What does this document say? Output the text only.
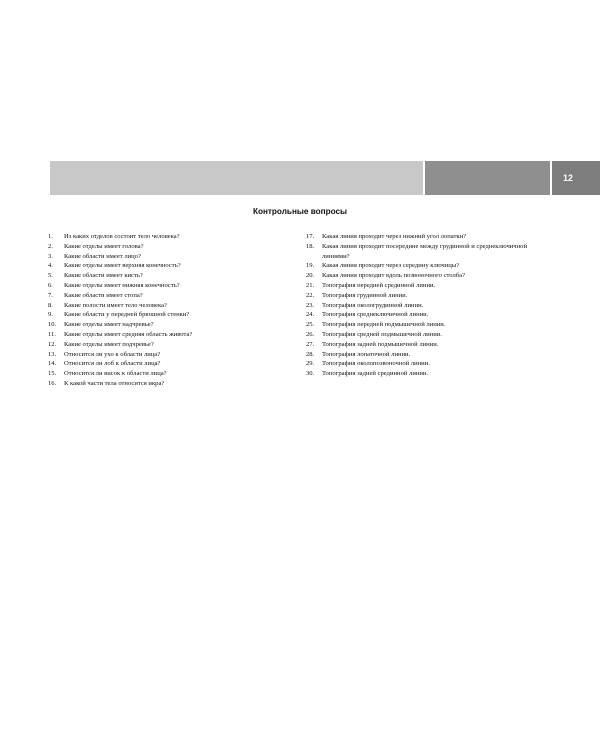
12
Контрольные вопросы
1.	Из каких отделов состоит тело человека?
2.	Какие отделы имеет голова?
3.	Какие области имеет лицо?
4.	Какие отделы имеет верхняя конечность?
5.	Какие области имеет кисть?
6.	Какие отделы имеет нижняя конечность?
7.	Какие области имеет стопа?
8.	Какие полости имеет тело человека?
9.	Какие области у передней брюшной стенки?
10.	Какие отделы имеет надчревье?
11.	Какие отделы имеет средняя область живота?
12.	Какие отделы имеет подчревье?
13.	Относится ли ухо к области лица?
14.	Относится ли лоб к области лица?
15.	Относится ли висок к области лица?
16.	К какой части тела относится икра?
17.	Какая линия проходит через нижний угол лопатки?
18.	Какая линия проходит посередине между грудинной и среднеключичной линиями?
19.	Какая линия проходит через середину ключицы?
20.	Какая линия проходит вдоль позвоночного столба?
21.	Топография передней срединной линии.
22.	Топография грудинной линии.
23.	Топография окологрудинной линии.
24.	Топография среднеключичной линии.
25.	Топография передней подмышечной линии.
26.	Топография средней подмышечной линии.
27.	Топография задней подмышечной линии.
28.	Топография лопаточной линии.
29.	Топография околопозвоночной линии.
30.	Топография задней срединной линии.
